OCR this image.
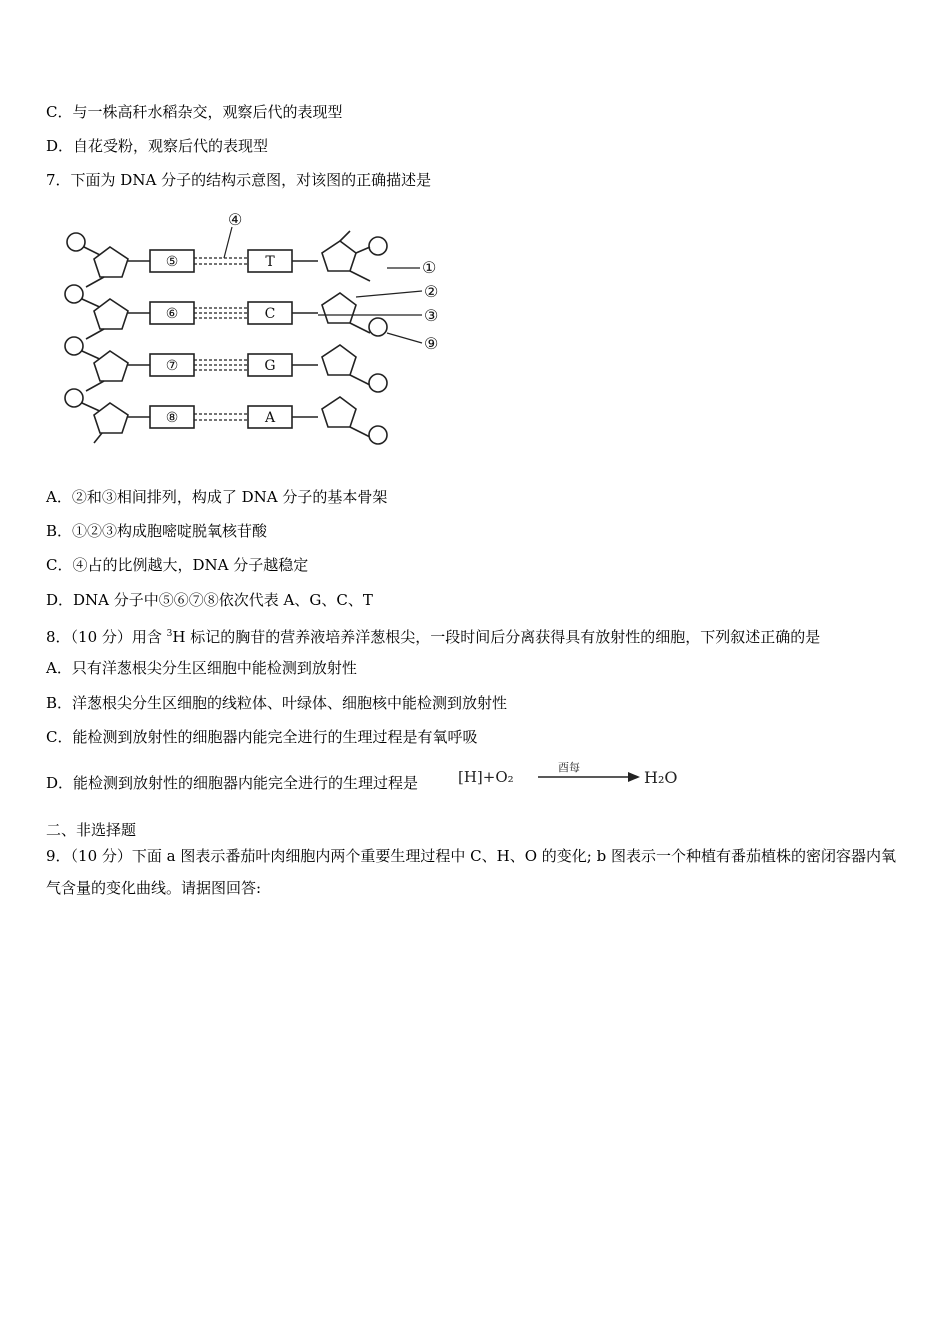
C．与一株高秆水稻杂交，观察后代的表现型
D．自花受粉，观察后代的表现型
7．下面为 DNA 分子的结构示意图，对该图的正确描述是
⑤
⑥
⑦
⑧
T
C
G
A
④
①
②
③
⑨
A．②和③相间排列，构成了 DNA 分子的基本骨架
B．①②③构成胞嘧啶脱氧核苷酸
C．④占的比例越大，DNA 分子越稳定
D．DNA 分子中⑤⑥⑦⑧依次代表 A、G、C、T
8．（10 分）用含 $^3$H 标记的胸苷的营养液培养洋葱根尖，一段时间后分离获得具有放射性的细胞，下列叙述正确的是
A．只有洋葱根尖分生区细胞中能检测到放射性
B．洋葱根尖分生区细胞的线粒体、叶绿体、细胞核中能检测到放射性
C．能检测到放射性的细胞器内能完全进行的生理过程是有氧呼吸
D．能检测到放射性的细胞器内能完全进行的生理过程是	[H]+O₂
酉每
H₂O
二、非选择题
9．（10 分）下面 a 图表示番茄叶肉细胞内两个重要生理过程中 C、H、O 的变化; b 图表示一个种植有番茄植株的密闭容器内氧气含量的变化曲线。请据图回答:
